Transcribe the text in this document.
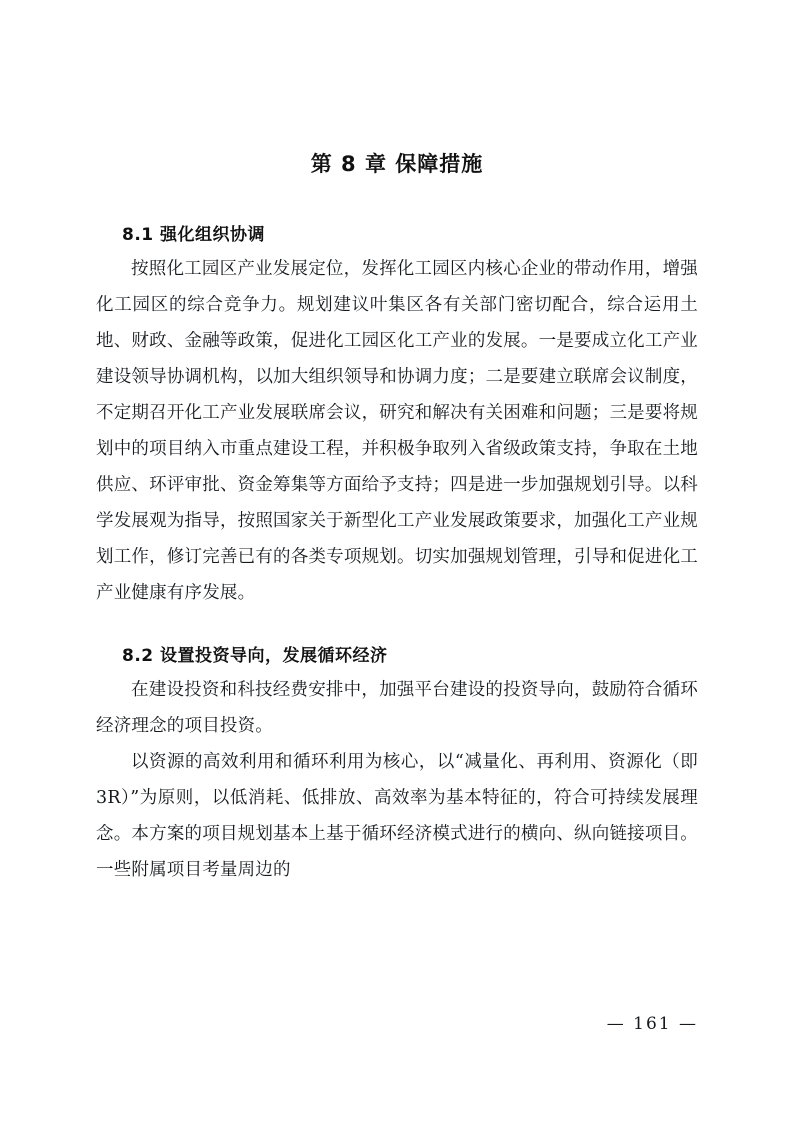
第 8 章 保障措施
8.1 强化组织协调

按照化工园区产业发展定位，发挥化工园区内核心企业的带动作用，增强化工园区的综合竞争力。规划建议叶集区各有关部门密切配合，综合运用土地、财政、金融等政策，促进化工园区化工产业的发展。一是要成立化工产业建设领导协调机构，以加大组织领导和协调力度；二是要建立联席会议制度，不定期召开化工产业发展联席会议，研究和解决有关困难和问题；三是要将规划中的项目纳入市重点建设工程，并积极争取列入省级政策支持，争取在土地供应、环评审批、资金筹集等方面给予支持；四是进一步加强规划引导。以科学发展观为指导，按照国家关于新型化工产业发展政策要求，加强化工产业规划工作，修订完善已有的各类专项规划。切实加强规划管理，引导和促进化工产业健康有序发展。

8.2 设置投资导向，发展循环经济

在建设投资和科技经费安排中，加强平台建设的投资导向，鼓励符合循环经济理念的项目投资。

以资源的高效利用和循环利用为核心，以“减量化、再利用、资源化（即 3R）”为原则，以低消耗、低排放、高效率为基本特征的，符合可持续发展理念。本方案的项目规划基本上基于循环经济模式进行的横向、纵向链接项目。一些附属项目考量周边的

— 161 —
